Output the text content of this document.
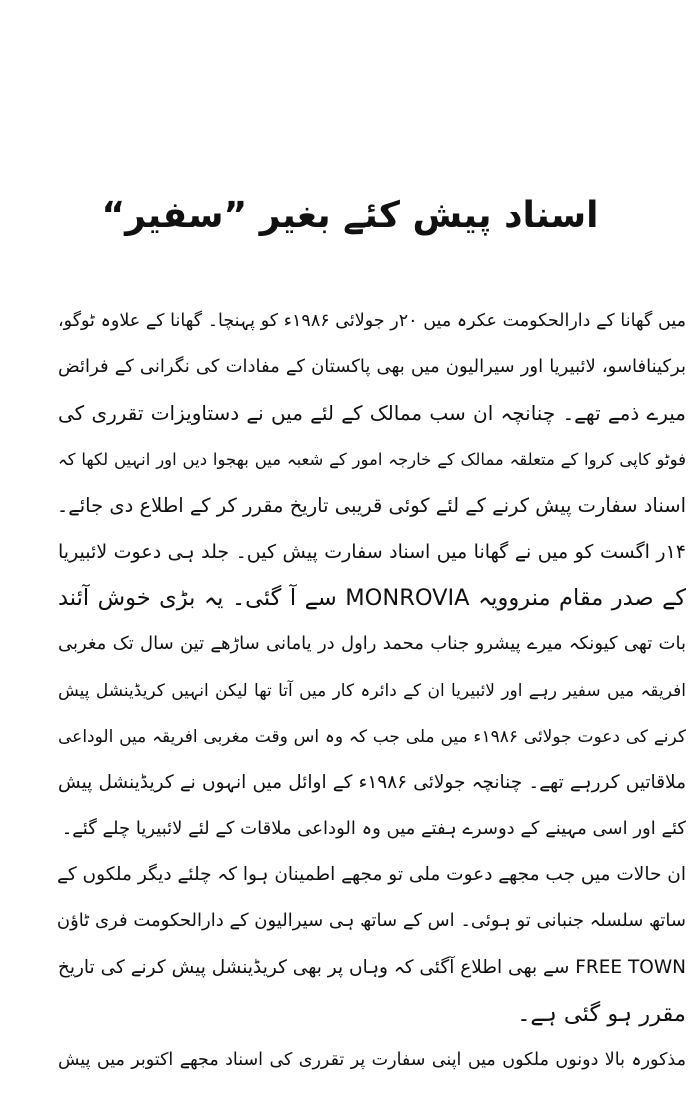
اسناد پیش کئے بغیر ”سفیر“
میں گھانا کے دارالحکومت عکرہ میں ۲۰ر جولائی ۱۹۸۶ء کو پہنچا۔ گھانا کے علاوہ ٹوگو،
برکینافاسو، لائبیریا اور سیرالیون میں بھی پاکستان کے مفادات کی نگرانی کے فرائض
میرے ذمے تھے۔ چنانچہ ان سب ممالک کے لئے میں نے دستاویزات تقرری کی
فوٹو کاپی کروا کے متعلقہ ممالک کے خارجہ امور کے شعبہ میں بھجوا دیں اور انہیں لکھا کہ
اسناد سفارت پیش کرنے کے لئے کوئی قریبی تاریخ مقرر کر کے اطلاع دی جائے۔
۱۴ر اگست کو میں نے گھانا میں اسناد سفارت پیش کیں۔ جلد ہی دعوت لائبیریا
کے صدر مقام منروویہ MONROVIA سے آ گئی۔ یہ بڑی خوش آئند
بات تھی کیونکہ میرے پیشرو جناب محمد راول در یامانی ساڑھے تین سال تک مغربی
افریقہ میں سفیر رہے اور لائبیریا ان کے دائرہ کار میں آتا تھا لیکن انہیں کریڈینشل پیش
کرنے کی دعوت جولائی ۱۹۸۶ء میں ملی جب کہ وہ اس وقت مغربی افریقہ میں الوداعی
ملاقاتیں کررہے تھے۔ چنانچہ جولائی ۱۹۸۶ء کے اوائل میں انہوں نے کریڈینشل پیش
کئے اور اسی مہینے کے دوسرے ہفتے میں وہ الوداعی ملاقات کے لئے لائبیریا چلے گئے۔
ان حالات میں جب مجھے دعوت ملی تو مجھے اطمینان ہوا کہ چلئے دیگر ملکوں کے
ساتھ سلسلہ جنبانی تو ہوئی۔ اس کے ساتھ ہی سیرالیون کے دارالحکومت فری ٹاؤن
FREE TOWN سے بھی اطلاع آگئی کہ وہاں پر بھی کریڈینشل پیش کرنے کی تاریخ
مقرر ہو گئی ہے۔
مذکورہ بالا دونوں ملکوں میں اپنی سفارت پر تقرری کی اسناد مجھے اکتوبر میں پیش
